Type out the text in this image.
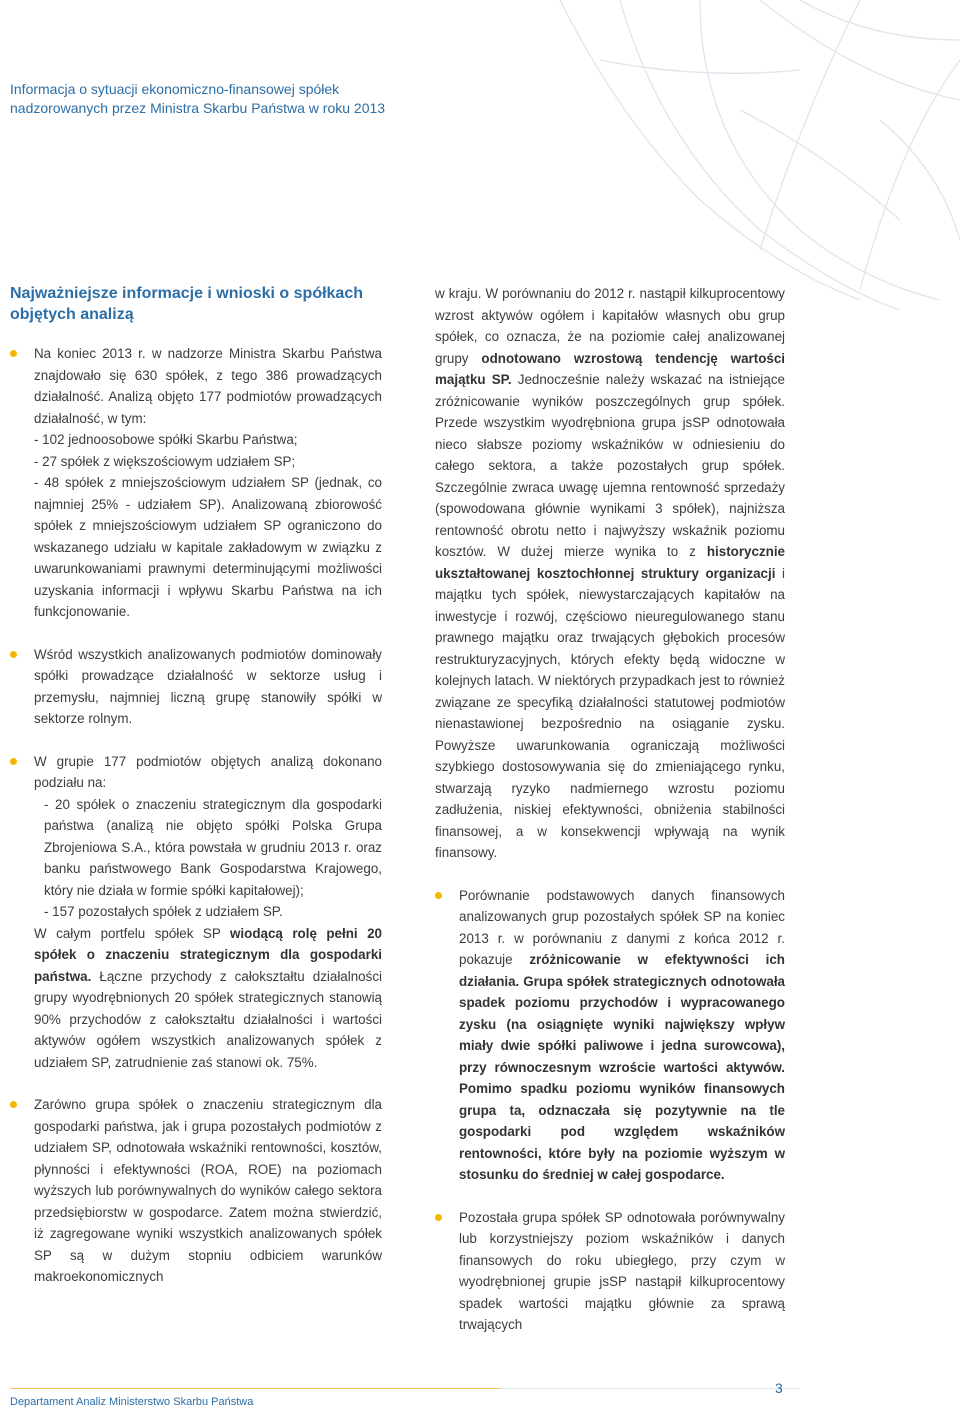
Informacja o sytuacji ekonomiczno-finansowej spółek
nadzorowanych przez Ministra Skarbu Państwa w roku 2013
Najważniejsze informacje i wnioski o spółkach objętych analizą

Na koniec 2013 r. w nadzorze Ministra Skarbu Państwa znajdowało się 630 spółek, z tego 386 prowadzących działalność. Analizą objęto 177 podmiotów prowadzących działalność, w tym:
- 102 jednoosobowe spółki Skarbu Państwa;
- 27 spółek z większościowym udziałem SP;
- 48 spółek z mniejszościowym udziałem SP (jednak, co najmniej 25% - udziałem SP). Analizowaną zbiorowość spółek z mniejszościowym udziałem SP ograniczono do wskazanego udziału w kapitale zakładowym w związku z uwarunkowaniami prawnymi determinującymi możliwości uzyskania informacji i wpływu Skarbu Państwa na ich funkcjonowanie.

Wśród wszystkich analizowanych podmiotów dominowały spółki prowadzące działalność w sektorze usług i przemysłu, najmniej liczną grupę stanowiły spółki w sektorze rolnym.

W grupie 177 podmiotów objętych analizą dokonano podziału na:
- 20 spółek o znaczeniu strategicznym dla gospodarki państwa (analizą nie objęto spółki Polska Grupa Zbrojeniowa S.A., która powstała w grudniu 2013 r. oraz banku państwowego Bank Gospodarstwa Krajowego, który nie działa w formie spółki kapitałowej);
- 157 pozostałych spółek z udziałem SP.
W całym portfelu spółek SP wiodącą rolę pełni 20 spółek o znaczeniu strategicznym dla gospodarki państwa. Łączne przychody z całokształtu działalności grupy wyodrębnionych 20 spółek strategicznych stanowią 90% przychodów z całokształtu działalności i wartości aktywów ogółem wszystkich analizowanych spółek z udziałem SP, zatrudnienie zaś stanowi ok. 75%.

Zarówno grupa spółek o znaczeniu strategicznym dla gospodarki państwa, jak i grupa pozostałych podmiotów z udziałem SP, odnotowała wskaźniki rentowności, kosztów, płynności i efektywności (ROA, ROE) na poziomach wyższych lub porównywalnych do wyników całego sektora przedsiębiorstw w gospodarce. Zatem można stwierdzić, iż zagregowane wyniki wszystkich analizowanych spółek SP są w dużym stopniu odbiciem warunków makroekonomicznych

w kraju. W porównaniu do 2012 r. nastąpił kilkuprocentowy wzrost aktywów ogółem i kapitałów własnych obu grup spółek, co oznacza, że na poziomie całej analizowanej grupy odnotowano wzrostową tendencję wartości majątku SP. Jednocześnie należy wskazać na istniejące zróżnicowanie wyników poszczególnych grup spółek. Przede wszystkim wyodrębniona grupa jsSP odnotowała nieco słabsze poziomy wskaźników w odniesieniu do całego sektora, a także pozostałych grup spółek. Szczególnie zwraca uwagę ujemna rentowność sprzedaży (spowodowana głównie wynikami 3 spółek), najniższa rentowność obrotu netto i najwyższy wskaźnik poziomu kosztów. W dużej mierze wynika to z historycznie ukształtowanej kosztochłonnej struktury organizacji i majątku tych spółek, niewystarczających kapitałów na inwestycje i rozwój, częściowo nieuregulowanego stanu prawnego majątku oraz trwających głębokich procesów restrukturyzacyjnych, których efekty będą widoczne w kolejnych latach. W niektórych przypadkach jest to również związane ze specyfiką działalności statutowej podmiotów nienastawionej bezpośrednio na osiąganie zysku. Powyższe uwarunkowania ograniczają możliwości szybkiego dostosowywania się do zmieniającego rynku, stwarzają ryzyko nadmiernego wzrostu poziomu zadłużenia, niskiej efektywności, obniżenia stabilności finansowej, a w konsekwencji wpływają na wynik finansowy.

Porównanie podstawowych danych finansowych analizowanych grup pozostałych spółek SP na koniec 2013 r. w porównaniu z danymi z końca 2012 r. pokazuje zróżnicowanie w efektywności ich działania. Grupa spółek strategicznych odnotowała spadek poziomu przychodów i wypracowanego zysku (na osiągnięte wyniki największy wpływ miały dwie spółki paliwowe i jedna surowcowa), przy równoczesnym wzroście wartości aktywów. Pomimo spadku poziomu wyników finansowych grupa ta, odznaczała się pozytywnie na tle gospodarki pod względem wskaźników rentowności, które były na poziomie wyższym w stosunku do średniej w całej gospodarce.

Pozostała grupa spółek SP odnotowała porównywalny lub korzystniejszy poziom wskaźników i danych finansowych do roku ubiegłego, przy czym w wyodrębnionej grupie jsSP nastąpił kilkuprocentowy spadek wartości majątku głównie za sprawą trwających

Departament Analiz Ministerstwo Skarbu Państwa
3
